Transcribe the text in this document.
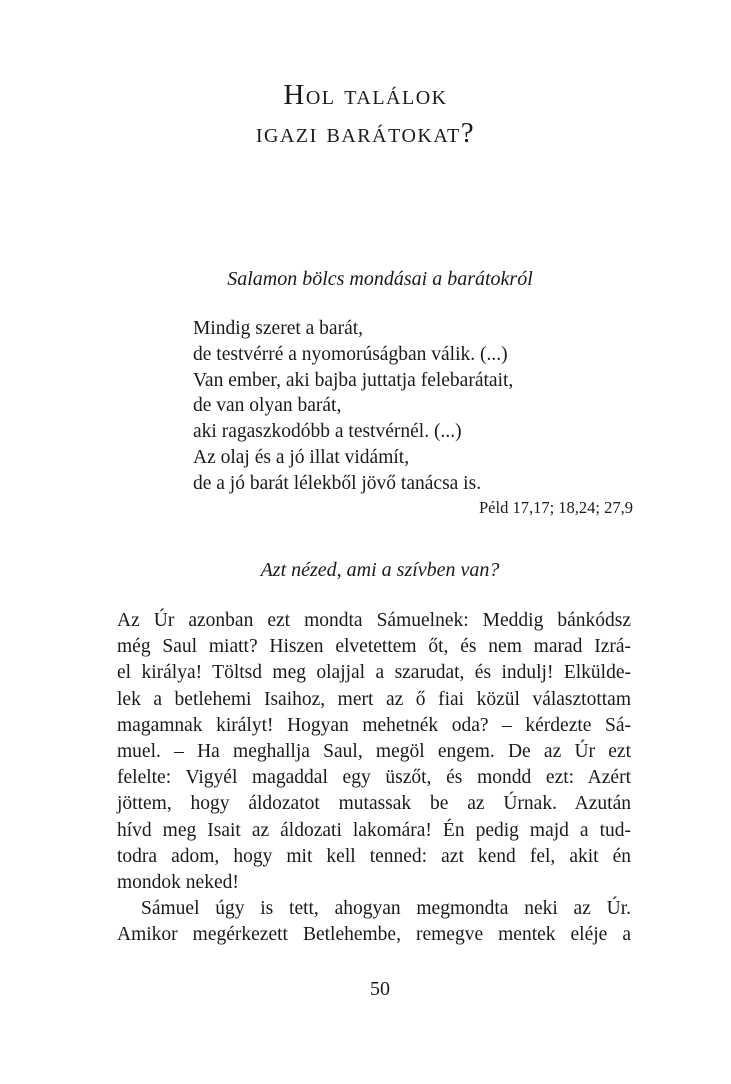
Hol találok
igazi barátokat?
Salamon bölcs mondásai a barátokról
Mindig szeret a barát,
de testvérré a nyomorúságban válik. (...)
Van ember, aki bajba juttatja felebarátait,
de van olyan barát,
aki ragaszkodóbb a testvérnél. (...)
Az olaj és a jó illat vidámít,
de a jó barát lélekből jövő tanácsa is.
Péld 17,17; 18,24; 27,9
Azt nézed, ami a szívben van?
Az Úr azonban ezt mondta Sámuelnek: Meddig bánkódsz
még Saul miatt? Hiszen elvetettem őt, és nem marad Izrá-
el királya! Töltsd meg olajjal a szarudat, és indulj! Elkülde-
lek a betlehemi Isaihoz, mert az ő fiai közül választottam
magamnak királyt! Hogyan mehetnék oda? – kérdezte Sá-
muel. – Ha meghallja Saul, megöl engem. De az Úr ezt
felelte: Vigyél magaddal egy üszőt, és mondd ezt: Azért
jöttem, hogy áldozatot mutassak be az Úrnak. Azután
hívd meg Isait az áldozati lakomára! Én pedig majd a tud-
todra adom, hogy mit kell tenned: azt kend fel, akit én
mondok neked!
Sámuel úgy is tett, ahogyan megmondta neki az Úr.
Amikor megérkezett Betlehembe, remegve mentek eléje a
50
